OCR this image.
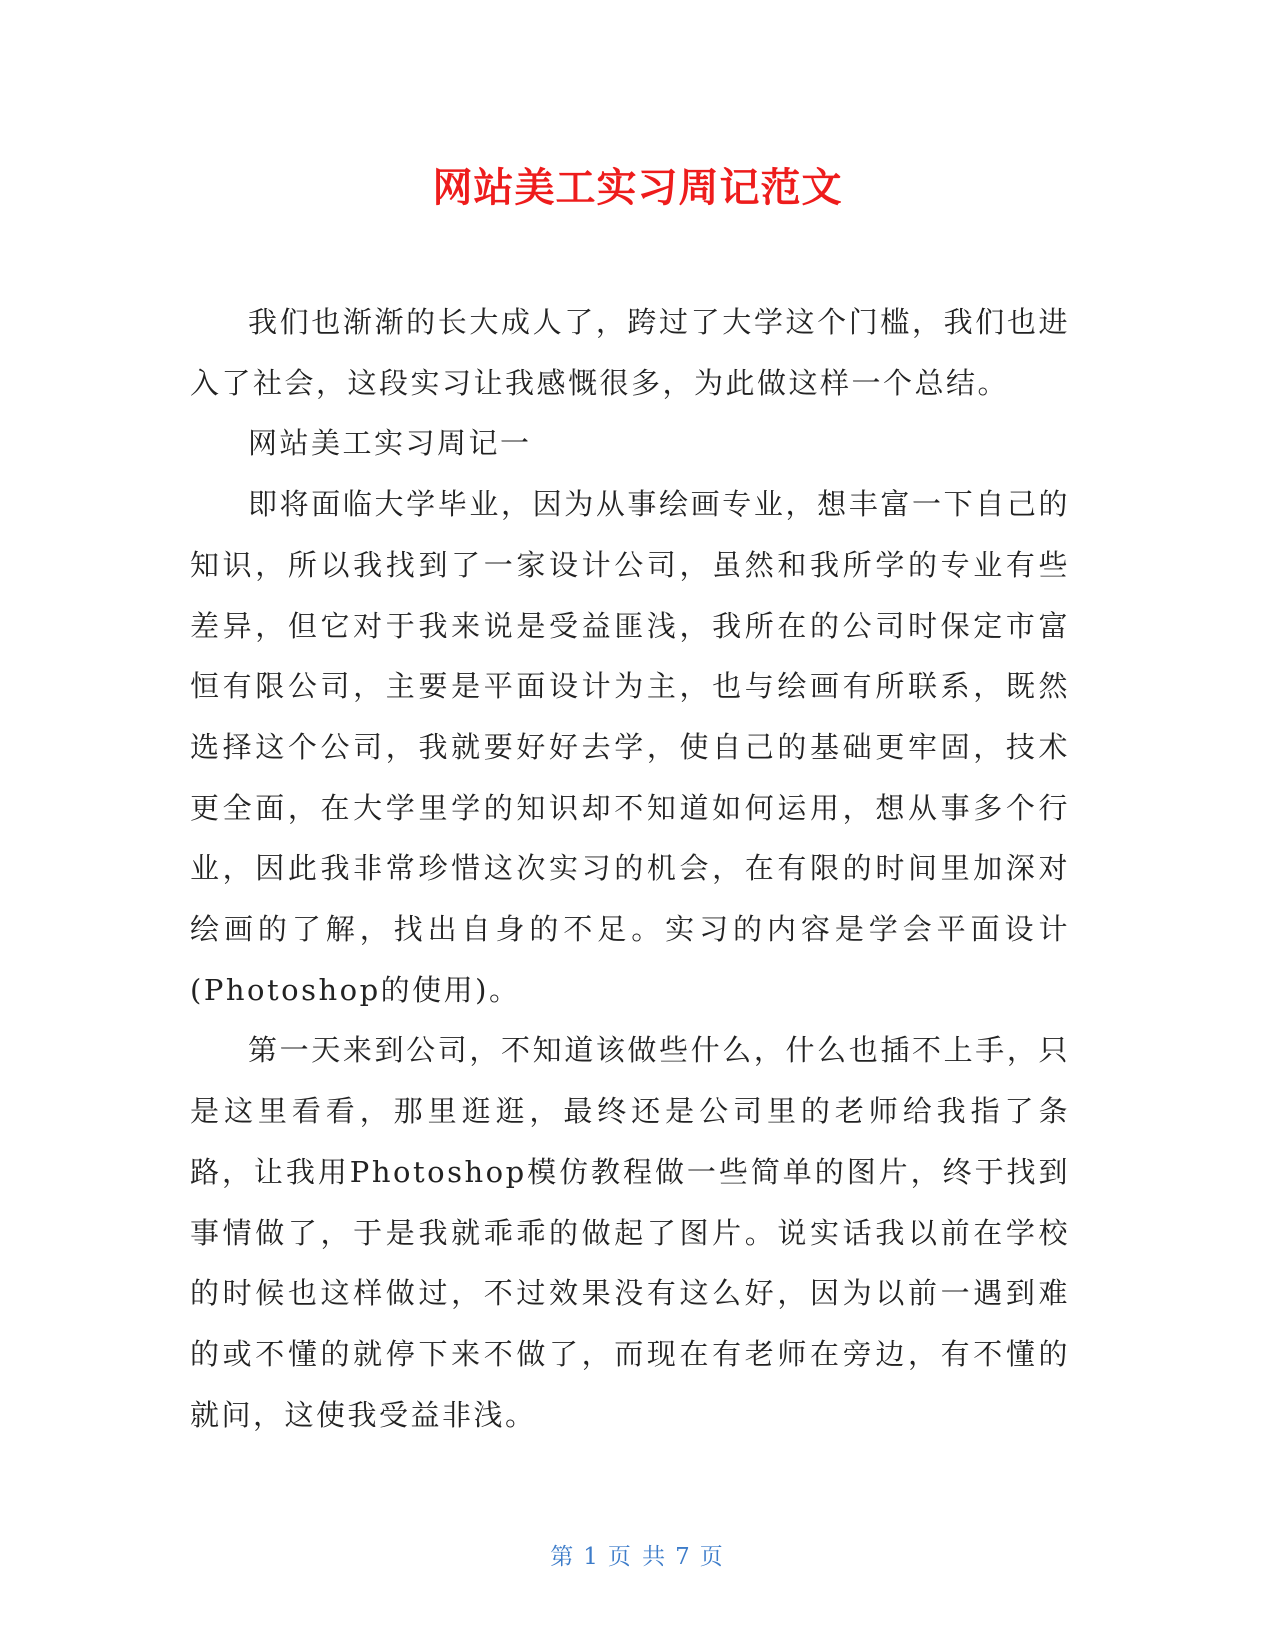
网站美工实习周记范文

我们也渐渐的长大成人了，跨过了大学这个门槛，我们也进入了社会，这段实习让我感慨很多，为此做这样一个总结。

网站美工实习周记一

即将面临大学毕业，因为从事绘画专业，想丰富一下自己的知识，所以我找到了一家设计公司，虽然和我所学的专业有些差异，但它对于我来说是受益匪浅，我所在的公司时保定市富恒有限公司，主要是平面设计为主，也与绘画有所联系，既然选择这个公司，我就要好好去学，使自己的基础更牢固，技术更全面，在大学里学的知识却不知道如何运用，想从事多个行业，因此我非常珍惜这次实习的机会，在有限的时间里加深对绘画的了解，找出自身的不足。实习的内容是学会平面设计(Photoshop的使用)。

第一天来到公司，不知道该做些什么，什么也插不上手，只是这里看看，那里逛逛，最终还是公司里的老师给我指了条路，让我用Photoshop模仿教程做一些简单的图片，终于找到事情做了，于是我就乖乖的做起了图片。说实话我以前在学校的时候也这样做过，不过效果没有这么好，因为以前一遇到难的或不懂的就停下来不做了，而现在有老师在旁边，有不懂的就问，这使我受益非浅。

第 1 页 共 7 页
